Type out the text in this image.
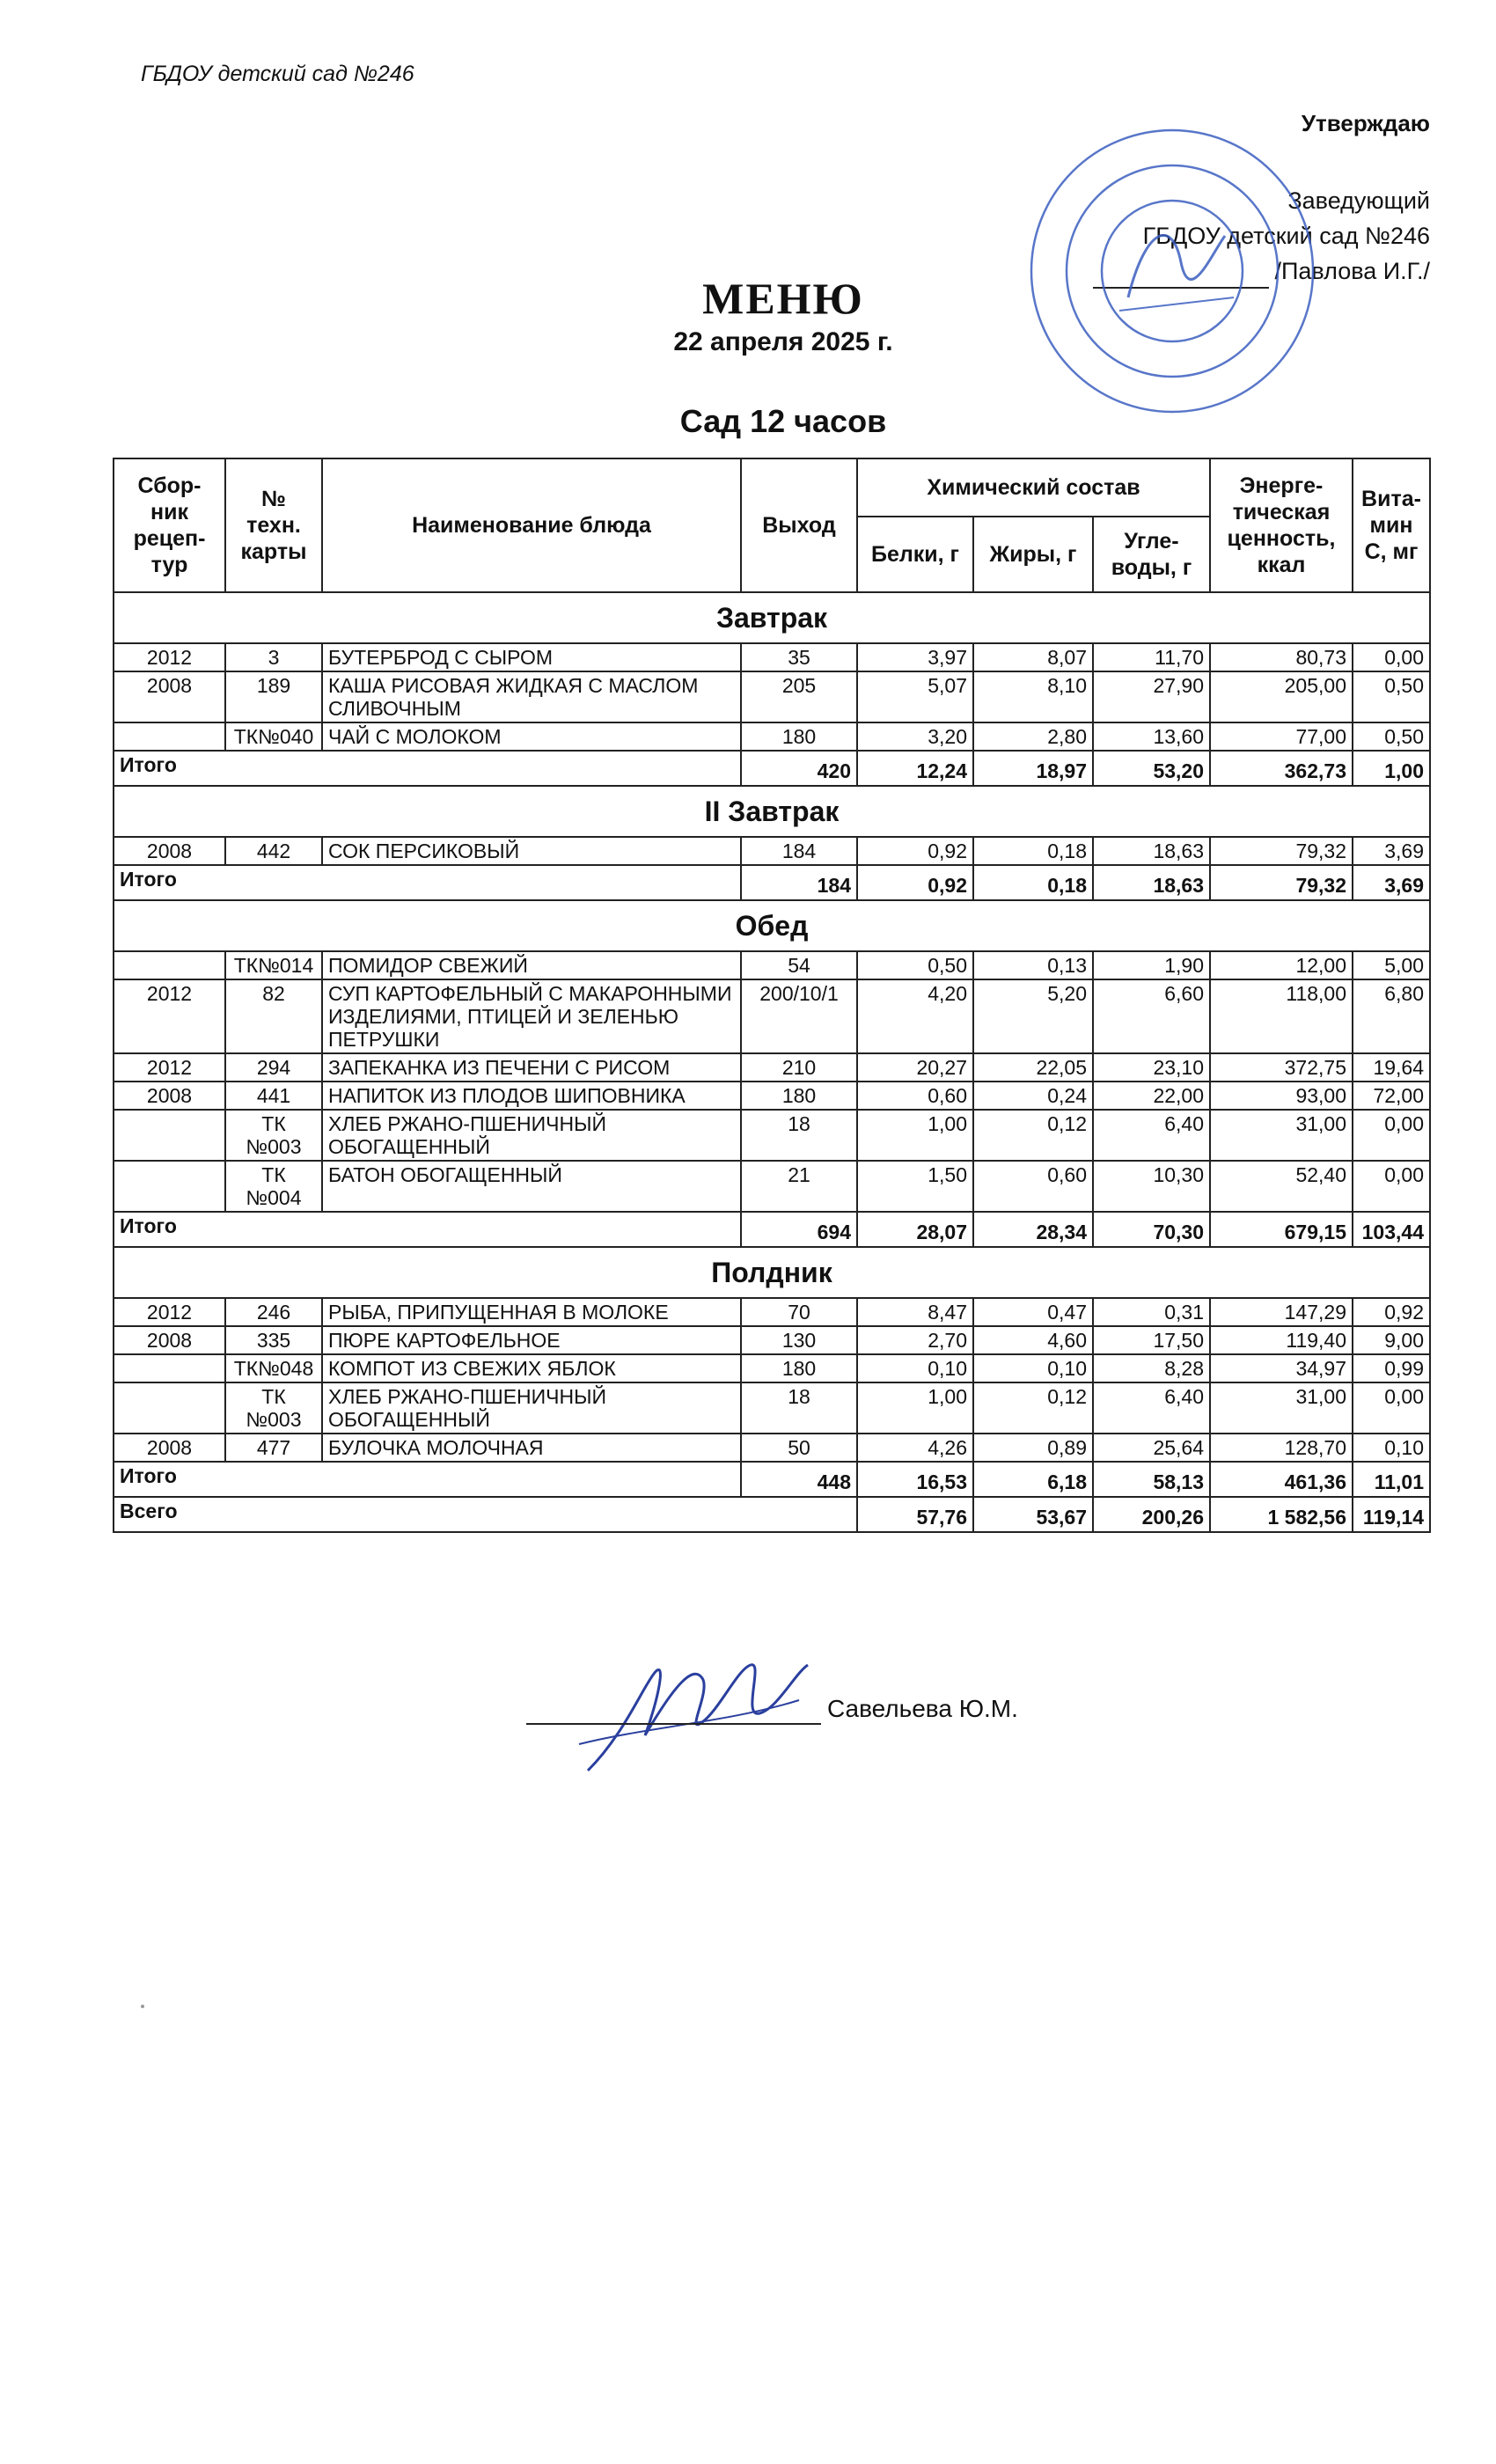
ГБДОУ детский сад №246
Утверждаю
Заведующий
ГБДОУ детский сад №246
/Павлова И.Г./
МЕНЮ
22 апреля 2025 г.
Сад 12 часов
Сбор-ник рецеп-тур	№ техн. карты	Наименование блюда	Выход	Химический состав			Энерге-тическая ценность, ккал	Вита-мин С, мг
				Белки, г	Жиры, г	Угле-воды, г		
Завтрак								
2012	3	БУТЕРБРОД С СЫРОМ	35	3,97	8,07	11,70	80,73	0,00
2008	189	КАША РИСОВАЯ ЖИДКАЯ С МАСЛОМ СЛИВОЧНЫМ	205	5,07	8,10	27,90	205,00	0,50
	ТК№040	ЧАЙ С МОЛОКОМ	180	3,20	2,80	13,60	77,00	0,50
Итого			420	12,24	18,97	53,20	362,73	1,00
II Завтрак								
2008	442	СОК ПЕРСИКОВЫЙ	184	0,92	0,18	18,63	79,32	3,69
Итого			184	0,92	0,18	18,63	79,32	3,69
Обед								
	ТК№014	ПОМИДОР СВЕЖИЙ	54	0,50	0,13	1,90	12,00	5,00
2012	82	СУП КАРТОФЕЛЬНЫЙ С МАКАРОННЫМИ ИЗДЕЛИЯМИ, ПТИЦЕЙ И ЗЕЛЕНЬЮ ПЕТРУШКИ	200/10/1	4,20	5,20	6,60	118,00	6,80
2012	294	ЗАПЕКАНКА ИЗ ПЕЧЕНИ С РИСОМ	210	20,27	22,05	23,10	372,75	19,64
2008	441	НАПИТОК ИЗ ПЛОДОВ ШИПОВНИКА	180	0,60	0,24	22,00	93,00	72,00
	ТК №003	ХЛЕБ РЖАНО-ПШЕНИЧНЫЙ ОБОГАЩЕННЫЙ	18	1,00	0,12	6,40	31,00	0,00
	ТК №004	БАТОН ОБОГАЩЕННЫЙ	21	1,50	0,60	10,30	52,40	0,00
Итого			694	28,07	28,34	70,30	679,15	103,44
Полдник								
2012	246	РЫБА, ПРИПУЩЕННАЯ В МОЛОКЕ	70	8,47	0,47	0,31	147,29	0,92
2008	335	ПЮРЕ КАРТОФЕЛЬНОЕ	130	2,70	4,60	17,50	119,40	9,00
	ТК№048	КОМПОТ ИЗ СВЕЖИХ ЯБЛОК	180	0,10	0,10	8,28	34,97	0,99
	ТК №003	ХЛЕБ РЖАНО-ПШЕНИЧНЫЙ ОБОГАЩЕННЫЙ	18	1,00	0,12	6,40	31,00	0,00
2008	477	БУЛОЧКА МОЛОЧНАЯ	50	4,26	0,89	25,64	128,70	0,10
Итого			448	16,53	6,18	58,13	461,36	11,01
Всего				57,76	53,67	200,26	1 582,56	119,14
Савельева Ю.М.
